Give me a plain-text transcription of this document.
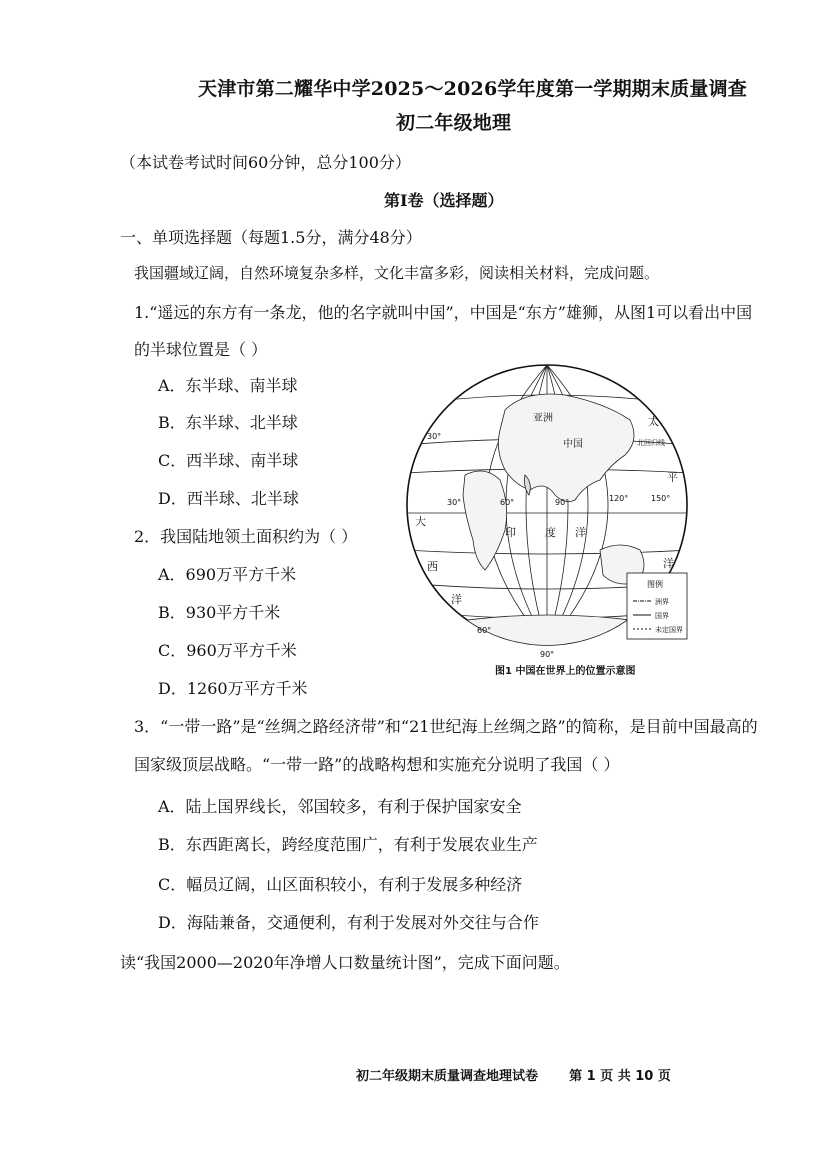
天津市第二耀华中学2025～2026学年度第一学期期末质量调查
初二年级地理
（本试卷考试时间60分钟，总分100分）
第Ⅰ卷（选择题）
一、单项选择题（每题1.5分，满分48分）
我国疆域辽阔，自然环境复杂多样，文化丰富多彩，阅读相关材料，完成问题。
1.“遥远的东方有一条龙，他的名字就叫中国”，中国是“东方”雄狮，从图1可以看出中国
的半球位置是（ ）
A．东半球、南半球
B．东半球、北半球
C．西半球、南半球
D．西半球、北半球
2．我国陆地领土面积约为（ ）
A．690万平方千米
B．930平方千米
C．960万平方千米
D．1260万平方千米
亚洲
中国
太
平
洋
印	度 洋
大
西
洋
北回归线
30°
30°	60°	90°	120°	150°
60°
90°
图例
洲界
国界
未定国界
图1 中国在世界上的位置示意图
3．“一带一路”是“丝绸之路经济带”和“21世纪海上丝绸之路”的简称，是目前中国最高的
国家级顶层战略。“一带一路”的战略构想和实施充分说明了我国（ ）
A．陆上国界线长，邻国较多，有利于保护国家安全
B．东西距离长，跨经度范围广，有利于发展农业生产
C．幅员辽阔，山区面积较小，有利于发展多种经济
D．海陆兼备，交通便利，有利于发展对外交往与合作
读“我国2000—2020年净增人口数量统计图”，完成下面问题。
初二年级期末质量调查地理试卷 第 1 页 共 10 页
